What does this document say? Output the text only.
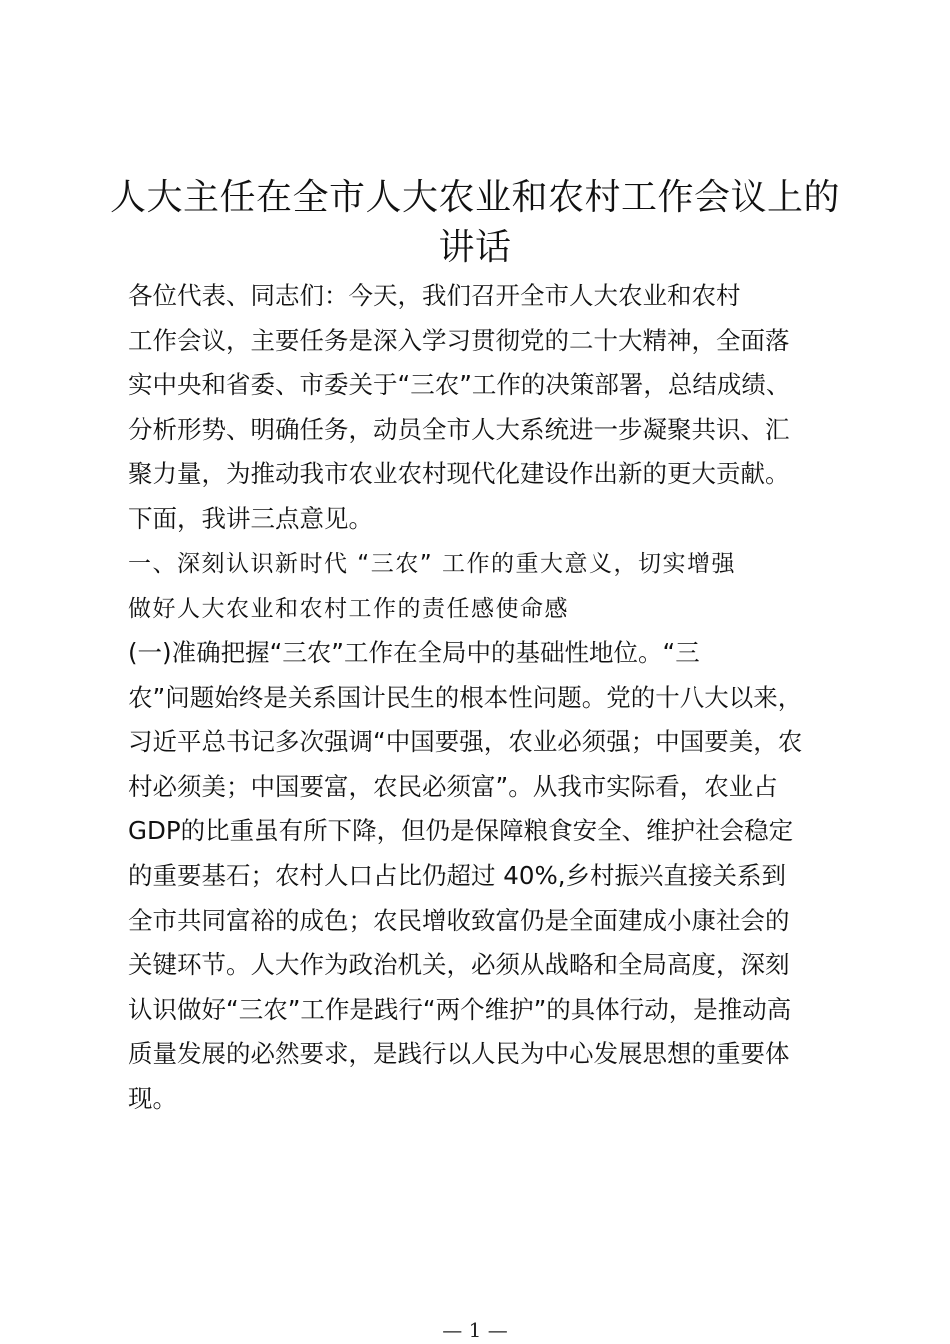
人大主任在全市人大农业和农村工作会议上的
讲话

各位代表、同志们：今天，我们召开全市人大农业和农村
工作会议，主要任务是深入学习贯彻党的二十大精神，全面落
实中央和省委、市委关于“三农”工作的决策部署，总结成绩、
分析形势、明确任务，动员全市人大系统进一步凝聚共识、汇
聚力量，为推动我市农业农村现代化建设作出新的更大贡献。
下面，我讲三点意见。

一、深刻认识新时代 “三农” 工作的重大意义，切实增强
做好人大农业和农村工作的责任感使命感

(一)准确把握“三农”工作在全局中的基础性地位。“三
农”问题始终是关系国计民生的根本性问题。党的十八大以来，
习近平总书记多次强调“中国要强，农业必须强；中国要美，农
村必须美；中国要富，农民必须富”。从我市实际看，农业占
GDP的比重虽有所下降，但仍是保障粮食安全、维护社会稳定
的重要基石；农村人口占比仍超过 40%,乡村振兴直接关系到
全市共同富裕的成色；农民增收致富仍是全面建成小康社会的
关键环节。人大作为政治机关，必须从战略和全局高度，深刻
认识做好“三农”工作是践行“两个维护”的具体行动，是推动高
质量发展的必然要求，是践行以人民为中心发展思想的重要体
现。

— 1 —
